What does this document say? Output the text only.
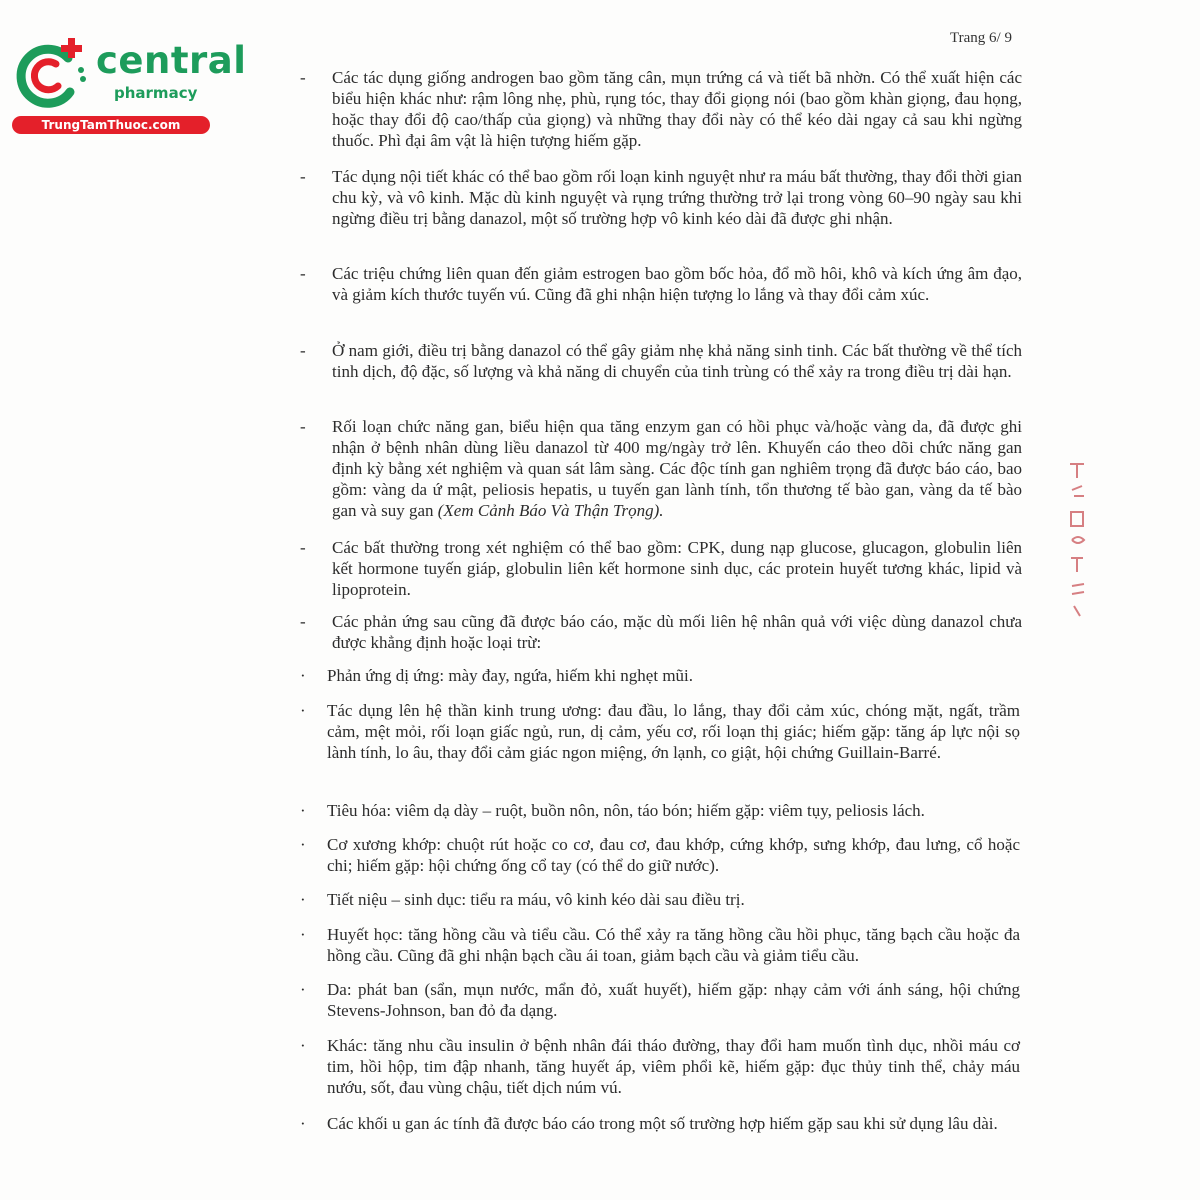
central
pharmacy
TrungTamThuoc.com
Trang 6/ 9
- Các tác dụng giống androgen bao gồm tăng cân, mụn trứng cá và tiết bã nhờn. Có thể xuất hiện các biểu hiện khác như: rậm lông nhẹ, phù, rụng tóc, thay đổi giọng nói (bao gồm khàn giọng, đau họng, hoặc thay đổi độ cao/thấp của giọng) và những thay đổi này có thể kéo dài ngay cả sau khi ngừng thuốc. Phì đại âm vật là hiện tượng hiếm gặp.
- Tác dụng nội tiết khác có thể bao gồm rối loạn kinh nguyệt như ra máu bất thường, thay đổi thời gian chu kỳ, và vô kinh. Mặc dù kinh nguyệt và rụng trứng thường trở lại trong vòng 60–90 ngày sau khi ngừng điều trị bằng danazol, một số trường hợp vô kinh kéo dài đã được ghi nhận.
- Các triệu chứng liên quan đến giảm estrogen bao gồm bốc hỏa, đổ mồ hôi, khô và kích ứng âm đạo, và giảm kích thước tuyến vú. Cũng đã ghi nhận hiện tượng lo lắng và thay đổi cảm xúc.
- Ở nam giới, điều trị bằng danazol có thể gây giảm nhẹ khả năng sinh tinh. Các bất thường về thể tích tinh dịch, độ đặc, số lượng và khả năng di chuyển của tinh trùng có thể xảy ra trong điều trị dài hạn.
- Rối loạn chức năng gan, biểu hiện qua tăng enzym gan có hồi phục và/hoặc vàng da, đã được ghi nhận ở bệnh nhân dùng liều danazol từ 400 mg/ngày trở lên. Khuyến cáo theo dõi chức năng gan định kỳ bằng xét nghiệm và quan sát lâm sàng. Các độc tính gan nghiêm trọng đã được báo cáo, bao gồm: vàng da ứ mật, peliosis hepatis, u tuyến gan lành tính, tổn thương tế bào gan, vàng da tế bào gan và suy gan (Xem Cảnh Báo Và Thận Trọng).
- Các bất thường trong xét nghiệm có thể bao gồm: CPK, dung nạp glucose, glucagon, globulin liên kết hormone tuyến giáp, globulin liên kết hormone sinh dục, các protein huyết tương khác, lipid và lipoprotein.
- Các phản ứng sau cũng đã được báo cáo, mặc dù mối liên hệ nhân quả với việc dùng danazol chưa được khẳng định hoặc loại trừ:
· Phản ứng dị ứng: mày đay, ngứa, hiếm khi nghẹt mũi.
· Tác dụng lên hệ thần kinh trung ương: đau đầu, lo lắng, thay đổi cảm xúc, chóng mặt, ngất, trầm cảm, mệt mỏi, rối loạn giấc ngủ, run, dị cảm, yếu cơ, rối loạn thị giác; hiếm gặp: tăng áp lực nội sọ lành tính, lo âu, thay đổi cảm giác ngon miệng, ớn lạnh, co giật, hội chứng Guillain-Barré.
· Tiêu hóa: viêm dạ dày – ruột, buồn nôn, nôn, táo bón; hiếm gặp: viêm tụy, peliosis lách.
· Cơ xương khớp: chuột rút hoặc co cơ, đau cơ, đau khớp, cứng khớp, sưng khớp, đau lưng, cổ hoặc chi; hiếm gặp: hội chứng ống cổ tay (có thể do giữ nước).
· Tiết niệu – sinh dục: tiểu ra máu, vô kinh kéo dài sau điều trị.
· Huyết học: tăng hồng cầu và tiểu cầu. Có thể xảy ra tăng hồng cầu hồi phục, tăng bạch cầu hoặc đa hồng cầu. Cũng đã ghi nhận bạch cầu ái toan, giảm bạch cầu và giảm tiểu cầu.
· Da: phát ban (sẩn, mụn nước, mẩn đỏ, xuất huyết), hiếm gặp: nhạy cảm với ánh sáng, hội chứng Stevens-Johnson, ban đỏ đa dạng.
· Khác: tăng nhu cầu insulin ở bệnh nhân đái tháo đường, thay đổi ham muốn tình dục, nhồi máu cơ tim, hồi hộp, tim đập nhanh, tăng huyết áp, viêm phổi kẽ, hiếm gặp: đục thủy tinh thể, chảy máu nướu, sốt, đau vùng chậu, tiết dịch núm vú.
· Các khối u gan ác tính đã được báo cáo trong một số trường hợp hiếm gặp sau khi sử dụng lâu dài.
